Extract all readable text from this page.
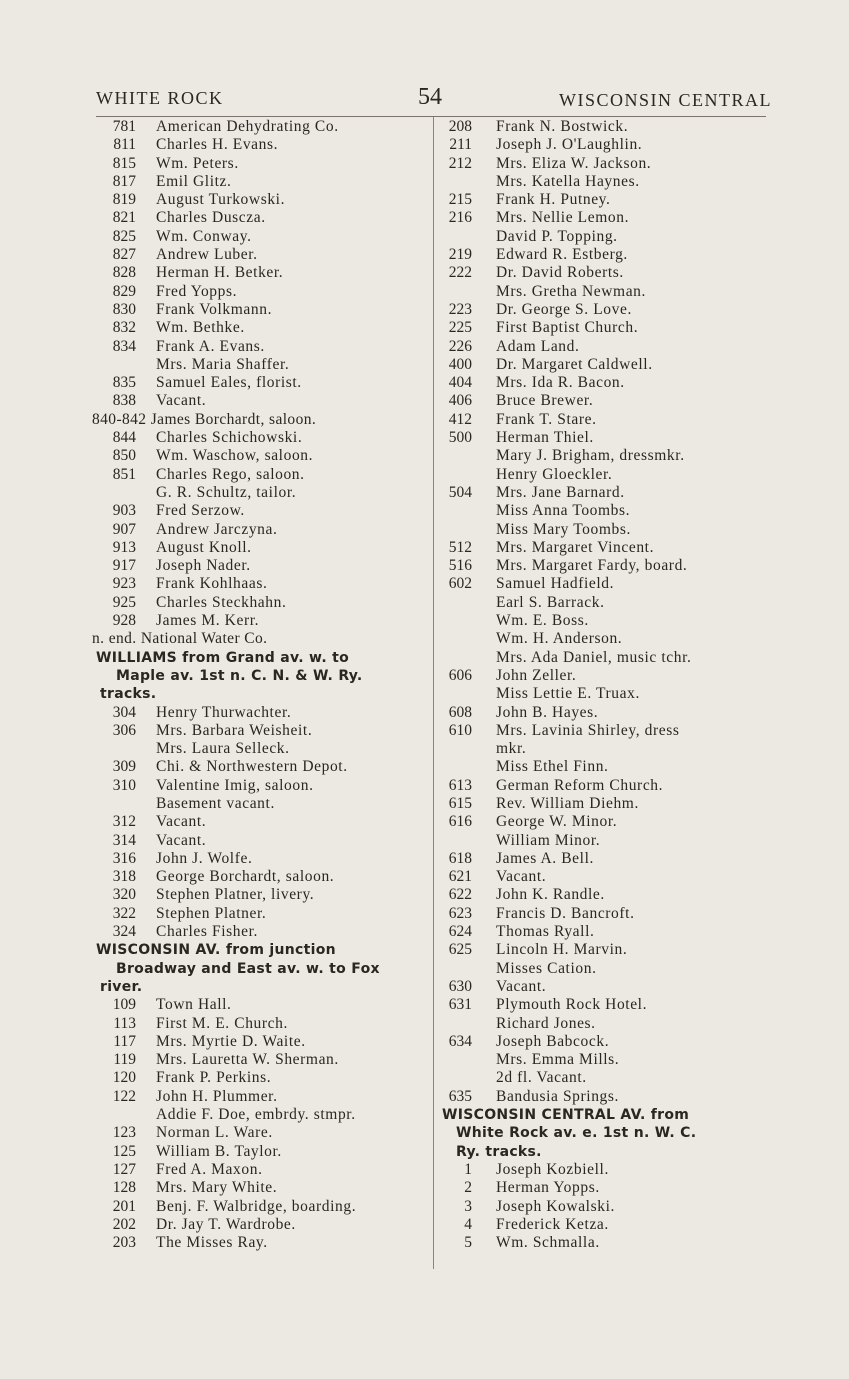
WHITE ROCK	54	WISCONSIN CENTRAL
781 American Dehydrating Co.
811 Charles H. Evans.
815 Wm. Peters.
817 Emil Glitz.
819 August Turkowski.
821 Charles Duscza.
825 Wm. Conway.
827 Andrew Luber.
828 Herman H. Betker.
829 Fred Yopps.
830 Frank Volkmann.
832 Wm. Bethke.
834 Frank A. Evans.
Mrs. Maria Shaffer.
835 Samuel Eales, florist.
838 Vacant.
840-842 James Borchardt, saloon.
844 Charles Schichowski.
850 Wm. Waschow, saloon.
851 Charles Rego, saloon.
G. R. Schultz, tailor.
903 Fred Serzow.
907 Andrew Jarczyna.
913 August Knoll.
917 Joseph Nader.
923 Frank Kohlhaas.
925 Charles Steckhahn.
928 James M. Kerr.
n. end. National Water Co.
WILLIAMS from Grand av. w. to
Maple av. 1st n. C. N. & W. Ry.
tracks.
304 Henry Thurwachter.
306 Mrs. Barbara Weisheit.
Mrs. Laura Selleck.
309 Chi. & Northwestern Depot.
310 Valentine Imig, saloon.
Basement vacant.
312 Vacant.
314 Vacant.
316 John J. Wolfe.
318 George Borchardt, saloon.
320 Stephen Platner, livery.
322 Stephen Platner.
324 Charles Fisher.
WISCONSIN AV. from junction
Broadway and East av. w. to Fox
river.
109 Town Hall.
113 First M. E. Church.
117 Mrs. Myrtie D. Waite.
119 Mrs. Lauretta W. Sherman.
120 Frank P. Perkins.
122 John H. Plummer.
Addie F. Doe, embrdy. stmpr.
123 Norman L. Ware.
125 William B. Taylor.
127 Fred A. Maxon.
128 Mrs. Mary White.
201 Benj. F. Walbridge, boarding.
202 Dr. Jay T. Wardrobe.
203 The Misses Ray.
208 Frank N. Bostwick.
211 Joseph J. O'Laughlin.
212 Mrs. Eliza W. Jackson.
Mrs. Katella Haynes.
215 Frank H. Putney.
216 Mrs. Nellie Lemon.
David P. Topping.
219 Edward R. Estberg.
222 Dr. David Roberts.
Mrs. Gretha Newman.
223 Dr. George S. Love.
225 First Baptist Church.
226 Adam Land.
400 Dr. Margaret Caldwell.
404 Mrs. Ida R. Bacon.
406 Bruce Brewer.
412 Frank T. Stare.
500 Herman Thiel.
Mary J. Brigham, dressmkr.
Henry Gloeckler.
504 Mrs. Jane Barnard.
Miss Anna Toombs.
Miss Mary Toombs.
512 Mrs. Margaret Vincent.
516 Mrs. Margaret Fardy, board.
602 Samuel Hadfield.
Earl S. Barrack.
Wm. E. Boss.
Wm. H. Anderson.
Mrs. Ada Daniel, music tchr.
606 John Zeller.
Miss Lettie E. Truax.
608 John B. Hayes.
610 Mrs. Lavinia Shirley, dress
mkr.
Miss Ethel Finn.
613 German Reform Church.
615 Rev. William Diehm.
616 George W. Minor.
William Minor.
618 James A. Bell.
621 Vacant.
622 John K. Randle.
623 Francis D. Bancroft.
624 Thomas Ryall.
625 Lincoln H. Marvin.
Misses Cation.
630 Vacant.
631 Plymouth Rock Hotel.
Richard Jones.
634 Joseph Babcock.
Mrs. Emma Mills.
2d fl. Vacant.
635 Bandusia Springs.
WISCONSIN CENTRAL AV. from
White Rock av. e. 1st n. W. C.
Ry. tracks.
1 Joseph Kozbiell.
2 Herman Yopps.
3 Joseph Kowalski.
4 Frederick Ketza.
5 Wm. Schmalla.
